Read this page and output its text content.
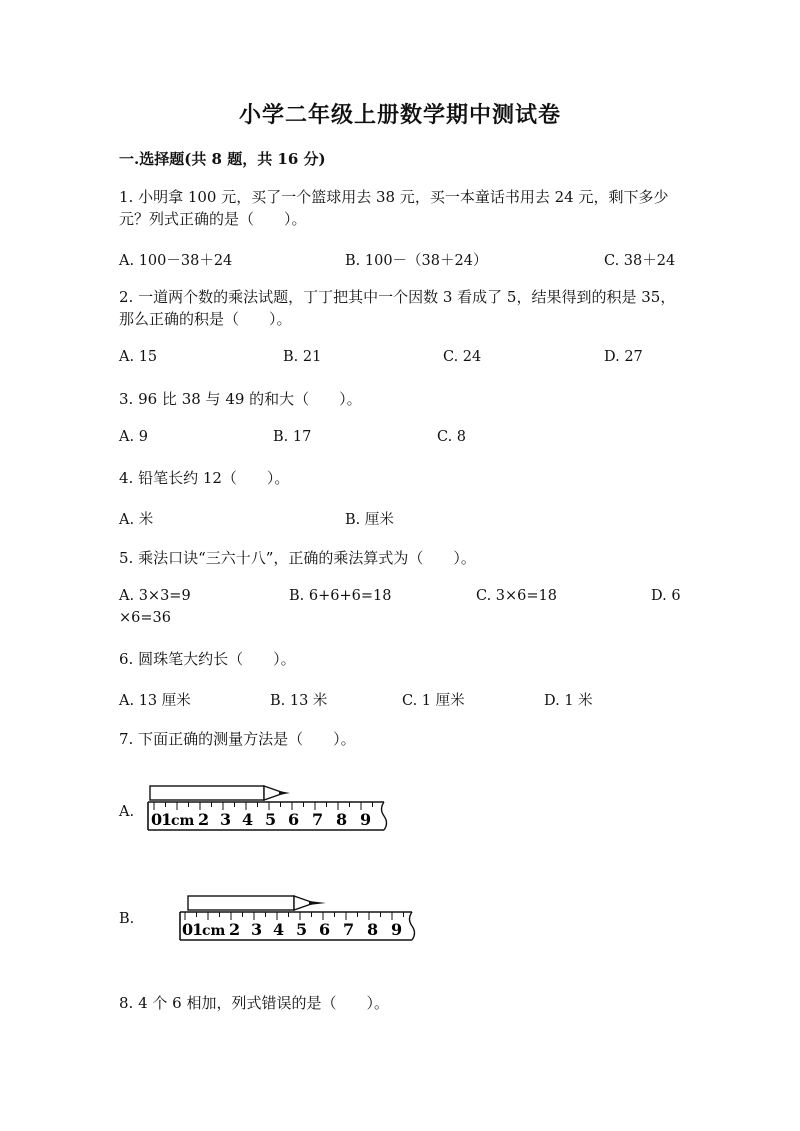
小学二年级上册数学期中测试卷
一.选择题(共 8 题，共 16 分)
1. 小明拿 100 元，买了一个篮球用去 38 元，买一本童话书用去 24 元，剩下多少元？列式正确的是（　　）。
A. 100－38＋24	B. 100－（38＋24）	C. 38＋24
2. 一道两个数的乘法试题，丁丁把其中一个因数 3 看成了 5，结果得到的积是 35，那么正确的积是（　　）。
A. 15	B. 21	C. 24	D. 27
3. 96 比 38 与 49 的和大（　　）。
A. 9	B. 17	C. 8
4. 铅笔长约 12（　　）。
A. 米	B. 厘米
5. 乘法口诀“三六十八”，正确的乘法算式为（　　）。
A. 3×3=9	B. 6+6+6=18	C. 3×6=18	D. 6
×6=36
6. 圆珠笔大约长（　　）。
A. 13 厘米	B. 13 米	C. 1 厘米	D. 1 米
7. 下面正确的测量方法是（　　）。
A.
B.
0
1
cm 2 3 4 5 6 7 8 9
0
1
cm 2 3 4 5 6 7 8 9
8. 4 个 6 相加，列式错误的是（　　）。
